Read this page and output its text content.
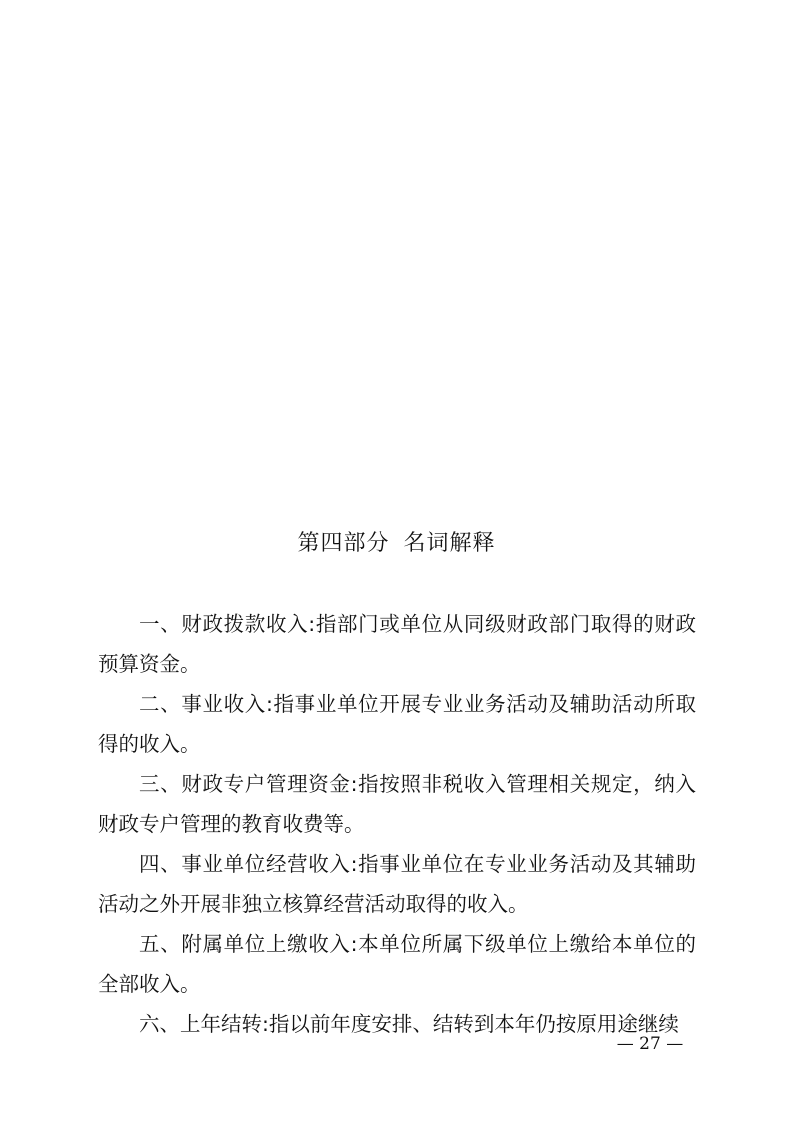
第四部分 名词解释

一、财政拨款收入:指部门或单位从同级财政部门取得的财政预算资金。

二、事业收入:指事业单位开展专业业务活动及辅助活动所取得的收入。

三、财政专户管理资金:指按照非税收入管理相关规定，纳入财政专户管理的教育收费等。

四、事业单位经营收入:指事业单位在专业业务活动及其辅助活动之外开展非独立核算经营活动取得的收入。

五、附属单位上缴收入:本单位所属下级单位上缴给本单位的全部收入。

六、上年结转:指以前年度安排、结转到本年仍按原用途继续

— 27 —
